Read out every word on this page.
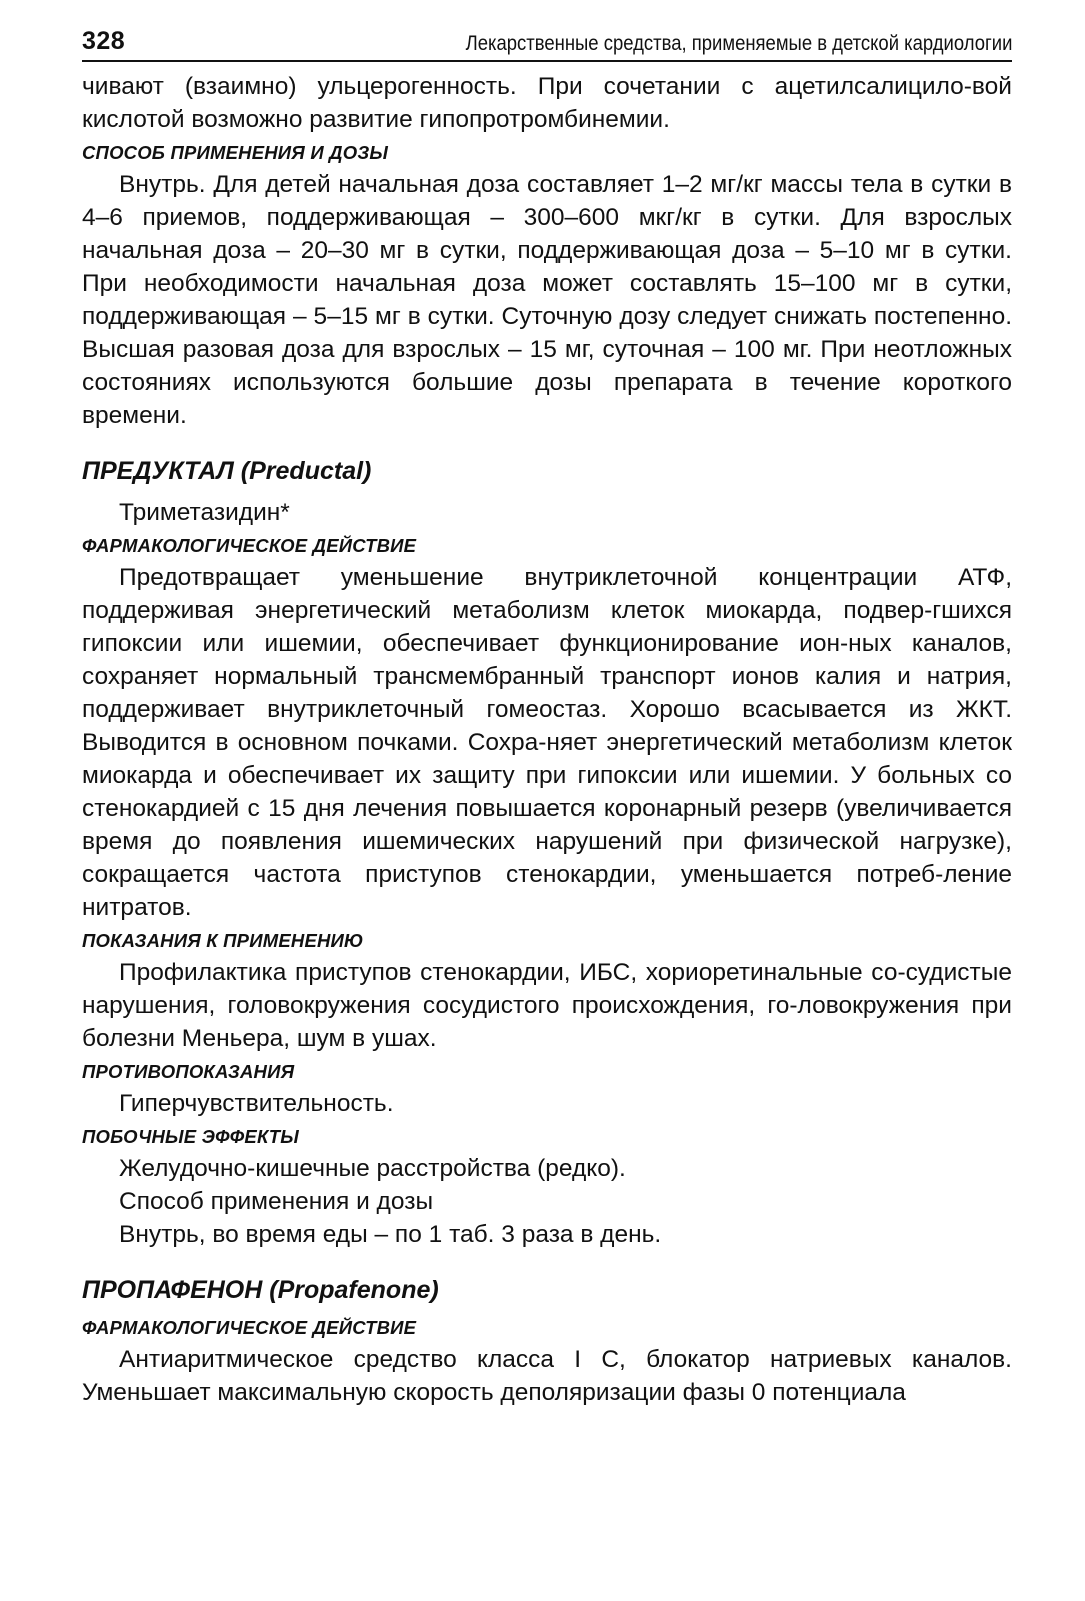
328	Лекарственные средства, применяемые в детской кардиологии

чивают (взаимно) ульцерогенность. При сочетании с ацетилсалицило-вой кислотой возможно развитие гипопротромбинемии.

СПОСОБ ПРИМЕНЕНИЯ И ДОЗЫ

Внутрь. Для детей начальная доза составляет 1–2 мг/кг массы тела в сутки в 4–6 приемов, поддерживающая – 300–600 мкг/кг в сутки. Для взрослых начальная доза – 20–30 мг в сутки, поддерживающая доза – 5–10 мг в сутки. При необходимости начальная доза может составлять 15–100 мг в сутки, поддерживающая – 5–15 мг в сутки. Суточную дозу следует снижать постепенно. Высшая разовая доза для взрослых – 15 мг, суточная – 100 мг. При неотложных состояниях используются большие дозы препарата в течение короткого времени.

ПРЕДУКТАЛ (Preductal)
Триметазидин*
ФАРМАКОЛОГИЧЕСКОЕ ДЕЙСТВИЕ

Предотвращает уменьшение внутриклеточной концентрации АТФ, поддерживая энергетический метаболизм клеток миокарда, подвер-гшихся гипоксии или ишемии, обеспечивает функционирование ион-ных каналов, сохраняет нормальный трансмембранный транспорт ионов калия и натрия, поддерживает внутриклеточный гомеостаз. Хорошо всасывается из ЖКТ. Выводится в основном почками. Сохра-няет энергетический метаболизм клеток миокарда и обеспечивает их защиту при гипоксии или ишемии. У больных со стенокардией с 15 дня лечения повышается коронарный резерв (увеличивается время до появления ишемических нарушений при физической нагрузке), сокращается частота приступов стенокардии, уменьшается потреб-ление нитратов.

ПОКАЗАНИЯ К ПРИМЕНЕНИЮ

Профилактика приступов стенокардии, ИБС, хориоретинальные со-судистые нарушения, головокружения сосудистого происхождения, го-ловокружения при болезни Меньера, шум в ушах.

ПРОТИВОПОКАЗАНИЯ
Гиперчувствительность.
ПОБОЧНЫЕ ЭФФЕКТЫ
Желудочно-кишечные расстройства (редко).
Способ применения и дозы
Внутрь, во время еды – по 1 таб. 3 раза в день.
ПРОПАФЕНОН (Propafenone)
ФАРМАКОЛОГИЧЕСКОЕ ДЕЙСТВИЕ

Антиаритмическое средство класса I C, блокатор натриевых каналов. Уменьшает максимальную скорость деполяризации фазы 0 потенциала
